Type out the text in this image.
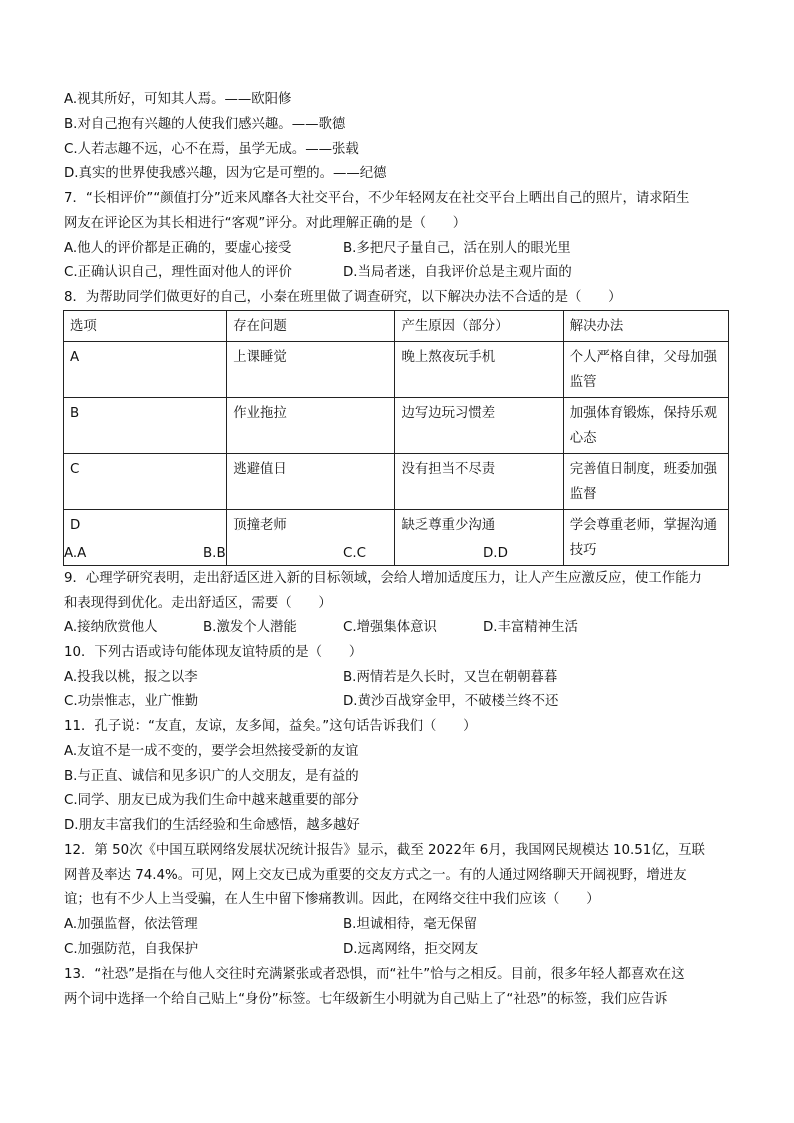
A.视其所好，可知其人焉。——欧阳修
B.对自己抱有兴趣的人使我们感兴趣。——歌德
C.人若志趣不远，心不在焉，虽学无成。——张载
D.真实的世界使我感兴趣，因为它是可塑的。——纪德
7．“长相评价”“颜值打分”近来风靡各大社交平台，不少年轻网友在社交平台上晒出自己的照片，请求陌生
网友在评论区为其长相进行“客观”评分。对此理解正确的是（　　）
A.他人的评价都是正确的，要虚心接受	B.多把尺子量自己，活在别人的眼光里
C.正确认识自己，理性面对他人的评价	D.当局者迷，自我评价总是主观片面的
8．为帮助同学们做更好的自己，小秦在班里做了调查研究，以下解决办法不合适的是（　　）
选项	存在问题	产生原因（部分）	解决办法
A	上课睡觉	晚上熬夜玩手机	个人严格自律，父母加强监管
B	作业拖拉	边写边玩习惯差	加强体育锻炼，保持乐观心态
C	逃避值日	没有担当不尽责	完善值日制度，班委加强监督
D	顶撞老师	缺乏尊重少沟通	学会尊重老师，掌握沟通技巧
A.A	B.B	C.C	D.D
9．心理学研究表明，走出舒适区进入新的目标领域，会给人增加适度压力，让人产生应激反应，使工作能力
和表现得到优化。走出舒适区，需要（　　）
A.接纳欣赏他人	B.激发个人潜能	C.增强集体意识	D.丰富精神生活
10．下列古语或诗句能体现友谊特质的是（　　）
A.投我以桃，报之以李	B.两情若是久长时，又岂在朝朝暮暮
C.功崇惟志，业广惟勤	D.黄沙百战穿金甲，不破楼兰终不还
11．孔子说：“友直，友谅，友多闻，益矣。”这句话告诉我们（　　）
A.友谊不是一成不变的，要学会坦然接受新的友谊
B.与正直、诚信和见多识广的人交朋友，是有益的
C.同学、朋友已成为我们生命中越来越重要的部分
D.朋友丰富我们的生活经验和生命感悟，越多越好
12．第 50次《中国互联网络发展状况统计报告》显示，截至 2022年 6月，我国网民规模达 10.51亿，互联
网普及率达 74.4%。可见，网上交友已成为重要的交友方式之一。有的人通过网络聊天开阔视野，增进友
谊；也有不少人上当受骗，在人生中留下惨痛教训。因此，在网络交往中我们应该（　　）
A.加强监督，依法管理	B.坦诚相待，毫无保留
C.加强防范，自我保护	D.远离网络，拒交网友
13．“社恐”是指在与他人交往时充满紧张或者恐惧，而“社牛”恰与之相反。目前，很多年轻人都喜欢在这
两个词中选择一个给自己贴上“身份”标签。七年级新生小明就为自己贴上了“社恐”的标签，我们应告诉
